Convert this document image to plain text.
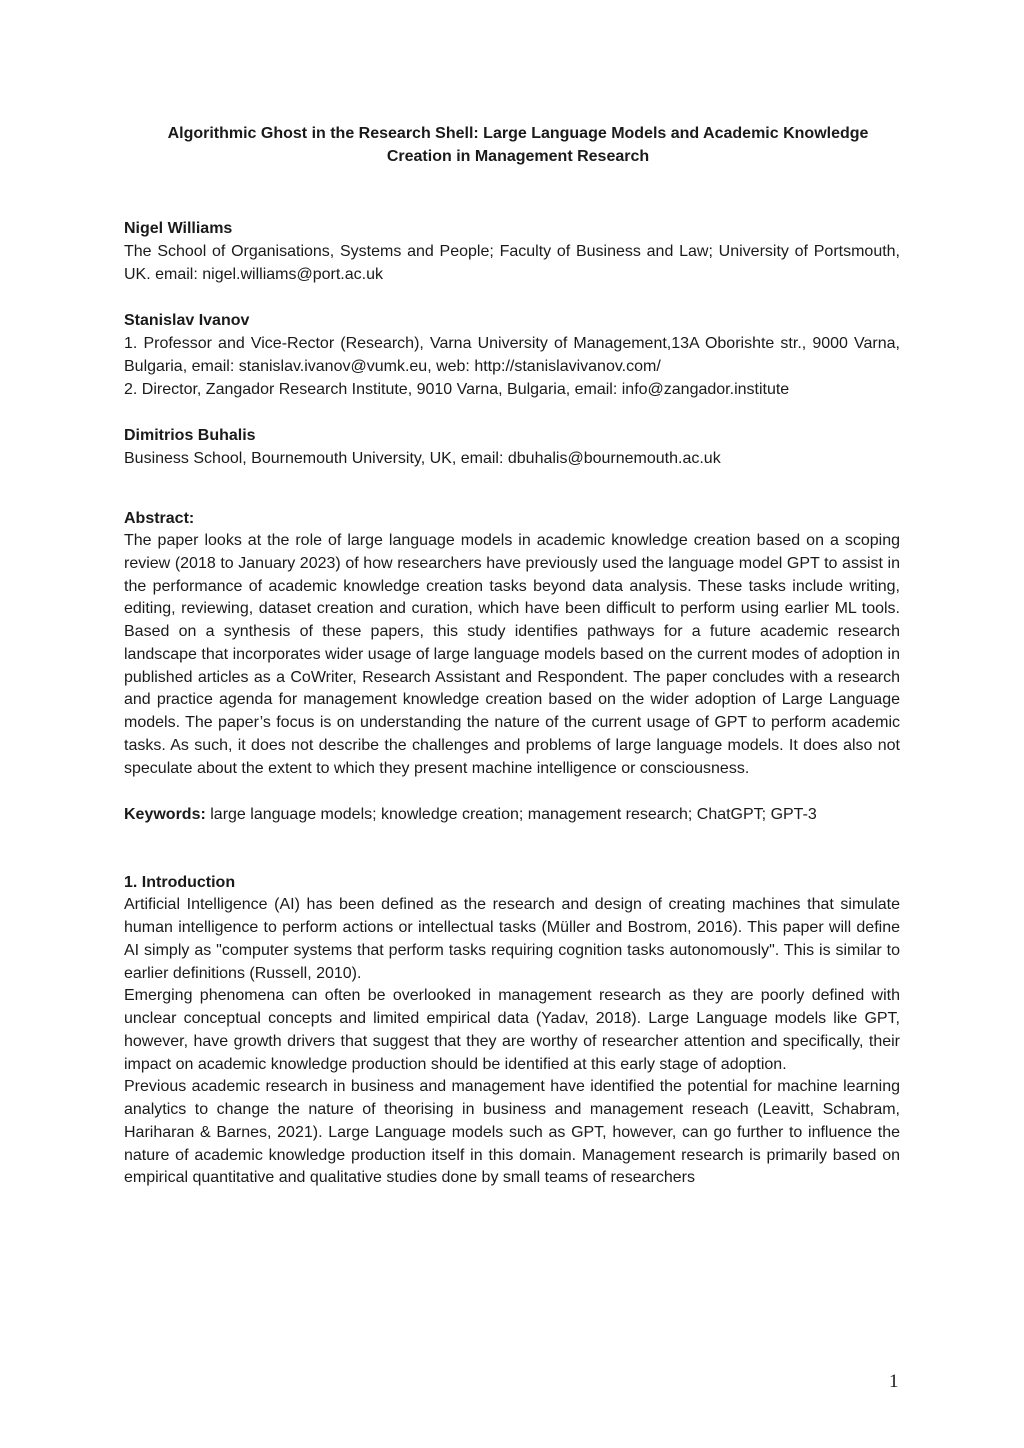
Algorithmic Ghost in the Research Shell: Large Language Models and Academic Knowledge Creation in Management Research
Nigel Williams
The School of Organisations, Systems and People; Faculty of Business and Law; University of Portsmouth, UK. email: nigel.williams@port.ac.uk
Stanislav Ivanov
1. Professor and Vice-Rector (Research), Varna University of Management,13A Oborishte str., 9000 Varna, Bulgaria, email: stanislav.ivanov@vumk.eu, web: http://stanislavivanov.com/
2. Director, Zangador Research Institute, 9010 Varna, Bulgaria, email: info@zangador.institute
Dimitrios Buhalis
Business School, Bournemouth University, UK, email: dbuhalis@bournemouth.ac.uk
Abstract:

The paper looks at the role of large language models in academic knowledge creation based on a scoping review (2018 to January 2023) of how researchers have previously used the language model GPT to assist in the performance of academic knowledge creation tasks beyond data analysis. These tasks include writing, editing, reviewing, dataset creation and curation, which have been difficult to perform using earlier ML tools. Based on a synthesis of these papers, this study identifies pathways for a future academic research landscape that incorporates wider usage of large language models based on the current modes of adoption in published articles as a CoWriter, Research Assistant and Respondent. The paper concludes with a research and practice agenda for management knowledge creation based on the wider adoption of Large Language models. The paper’s focus is on understanding the nature of the current usage of GPT to perform academic tasks. As such, it does not describe the challenges and problems of large language models. It does also not speculate about the extent to which they present machine intelligence or consciousness.

Keywords: large language models; knowledge creation; management research; ChatGPT; GPT-3
1. Introduction

Artificial Intelligence (AI) has been defined as the research and design of creating machines that simulate human intelligence to perform actions or intellectual tasks (Müller and Bostrom, 2016). This paper will define AI simply as "computer systems that perform tasks requiring cognition tasks autonomously". This is similar to earlier definitions (Russell, 2010).

Emerging phenomena can often be overlooked in management research as they are poorly defined with unclear conceptual concepts and limited empirical data (Yadav, 2018). Large Language models like GPT, however, have growth drivers that suggest that they are worthy of researcher attention and specifically, their impact on academic knowledge production should be identified at this early stage of adoption.

Previous academic research in business and management have identified the potential for machine learning analytics to change the nature of theorising in business and management reseach (Leavitt, Schabram, Hariharan & Barnes, 2021). Large Language models such as GPT, however, can go further to influence the nature of academic knowledge production itself in this domain. Management research is primarily based on empirical quantitative and qualitative studies done by small teams of researchers

1
